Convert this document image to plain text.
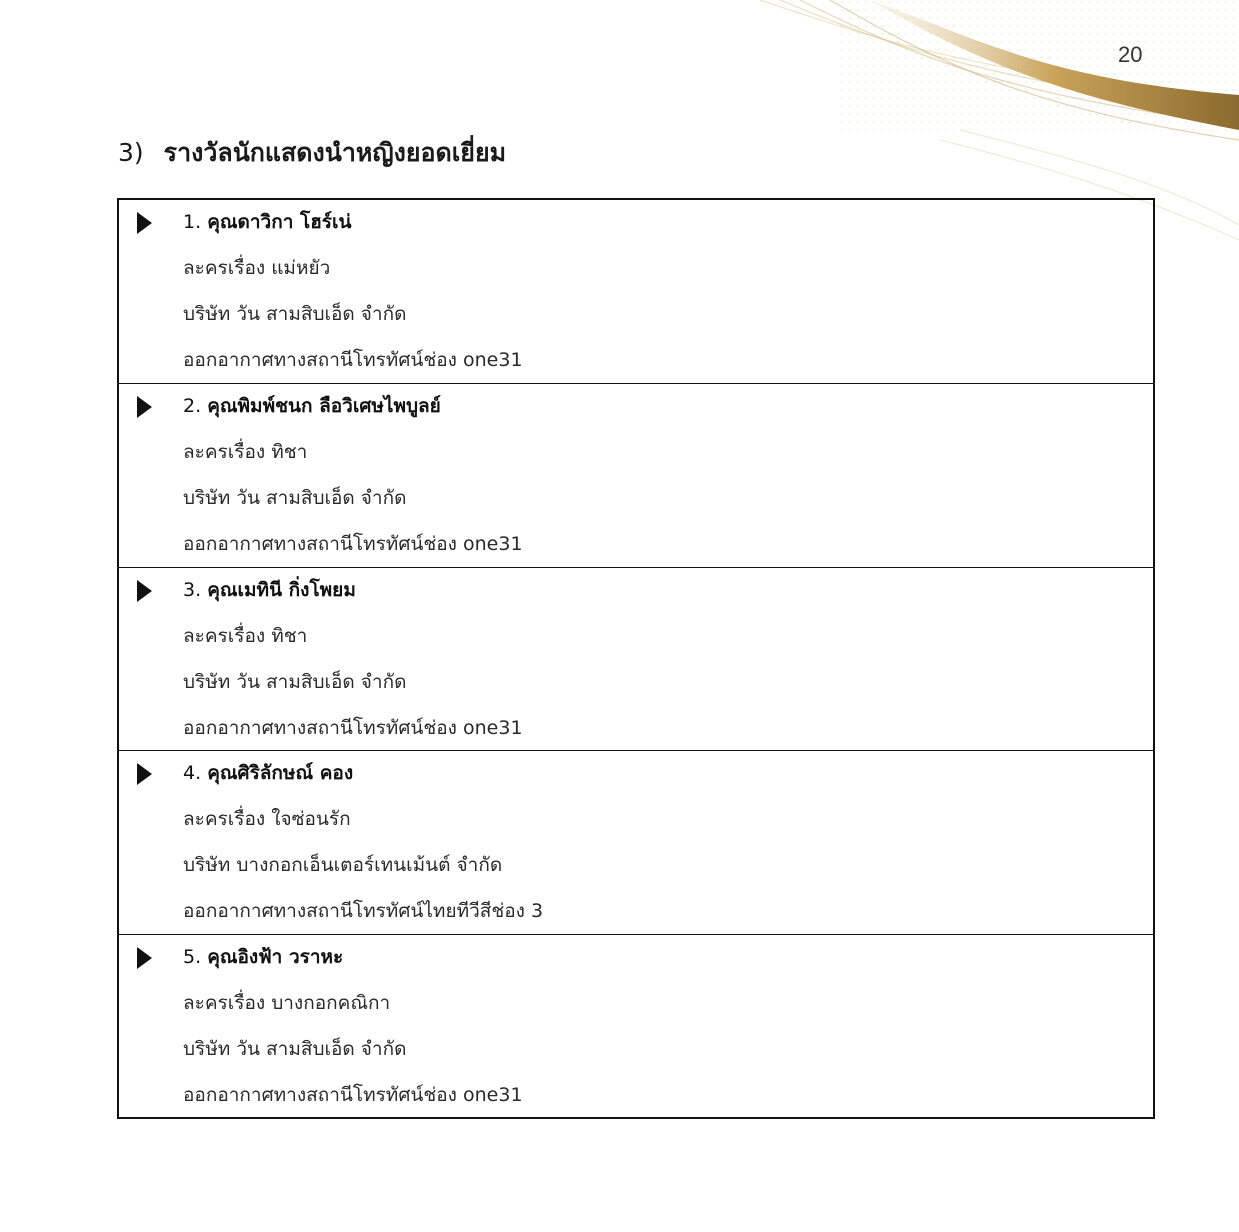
20
3) รางวัลนักแสดงนำหญิงยอดเยี่ยม
1. คุณดาวิกา โฮร์เน่
ละครเรื่อง แม่หยัว
บริษัท วัน สามสิบเอ็ด จำกัด
ออกอากาศทางสถานีโทรทัศน์ช่อง one31
2. คุณพิมพ์ชนก ลือวิเศษไพบูลย์
ละครเรื่อง ทิชา
บริษัท วัน สามสิบเอ็ด จำกัด
ออกอากาศทางสถานีโทรทัศน์ช่อง one31
3. คุณเมทินี กิ่งโพยม
ละครเรื่อง ทิชา
บริษัท วัน สามสิบเอ็ด จำกัด
ออกอากาศทางสถานีโทรทัศน์ช่อง one31
4. คุณศิริลักษณ์ คอง
ละครเรื่อง ใจซ่อนรัก
บริษัท บางกอกเอ็นเตอร์เทนเม้นต์ จำกัด
ออกอากาศทางสถานีโทรทัศน์ไทยทีวีสีช่อง 3
5. คุณอิงฟ้า วราหะ
ละครเรื่อง บางกอกคณิกา
บริษัท วัน สามสิบเอ็ด จำกัด
ออกอากาศทางสถานีโทรทัศน์ช่อง one31
